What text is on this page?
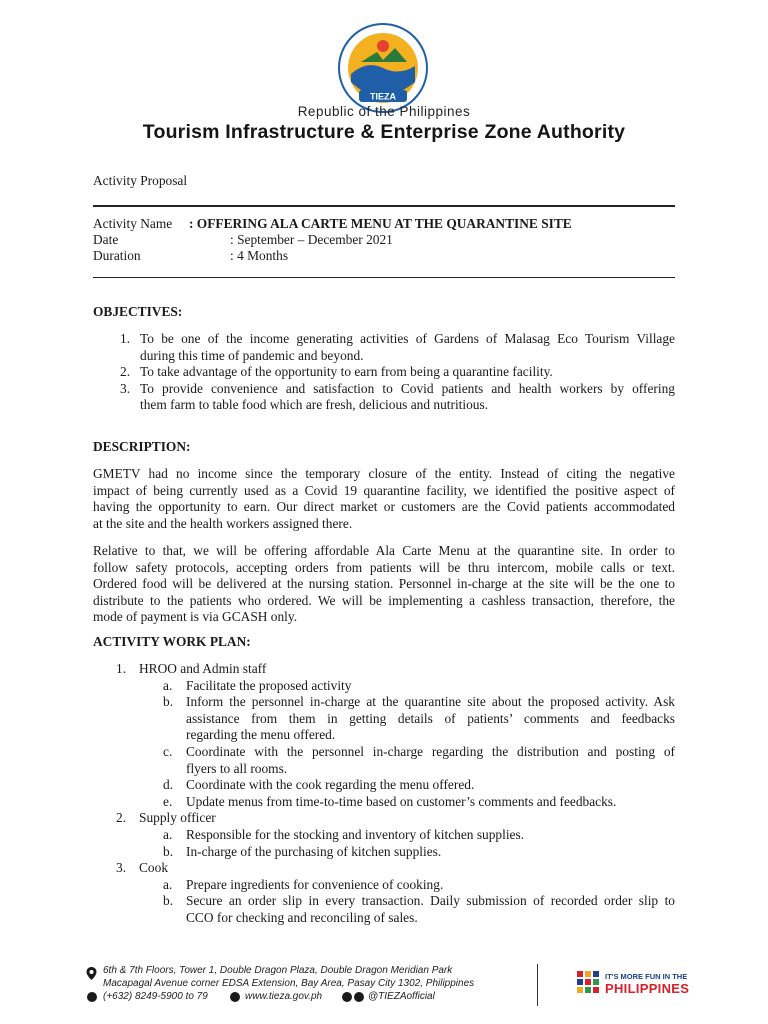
TIEZA
Republic of the Philippines
Tourism Infrastructure & Enterprise Zone Authority
Activity Proposal
Activity Name : OFFERING ALA CARTE MENU AT THE QUARANTINE SITE
Date	: September – December 2021
Duration	: 4 Months
OBJECTIVES:
1. To be one of the income generating activities of Gardens of Malasag Eco Tourism Village
during this time of pandemic and beyond.
2. To take advantage of the opportunity to earn from being a quarantine facility.
3. To provide convenience and satisfaction to Covid patients and health workers by offering
them farm to table food which are fresh, delicious and nutritious.
DESCRIPTION:
GMETV had no income since the temporary closure of the entity. Instead of citing the negative
impact of being currently used as a Covid 19 quarantine facility, we identified the positive aspect of
having the opportunity to earn. Our direct market or customers are the Covid patients accommodated
at the site and the health workers assigned there.
Relative to that, we will be offering affordable Ala Carte Menu at the quarantine site. In order to
follow safety protocols, accepting orders from patients will be thru intercom, mobile calls or text.
Ordered food will be delivered at the nursing station. Personnel in-charge at the site will be the one to
distribute to the patients who ordered. We will be implementing a cashless transaction, therefore, the
mode of payment is via GCASH only.
ACTIVITY WORK PLAN:
1. HROO and Admin staff
a.	Facilitate the proposed activity
b. Inform the personnel in-charge at the quarantine site about the proposed activity. Ask
assistance from them in getting details of patients’ comments and feedbacks
regarding the menu offered.
c.	Coordinate with the personnel in-charge regarding the distribution and posting of
flyers to all rooms.
d. Coordinate with the cook regarding the menu offered.
e.	Update menus from time-to-time based on customer’s comments and feedbacks.
2. Supply officer
a.	Responsible for the stocking and inventory of kitchen supplies.
b. In-charge of the purchasing of kitchen supplies.
3. Cook
a.	Prepare ingredients for convenience of cooking.
b. Secure an order slip in every transaction. Daily submission of recorded order slip to
CCO for checking and reconciling of sales.
6th & 7th Floors, Tower 1, Double Dragon Plaza, Double Dragon Meridian Park
Macapagal Avenue corner EDSA Extension, Bay Area, Pasay City 1302, Philippines
(+632) 8249-5900 to 79	www.tieza.gov.ph	@TIEZAofficial
IT'S MORE FUN IN THE
PHILIPPINES
